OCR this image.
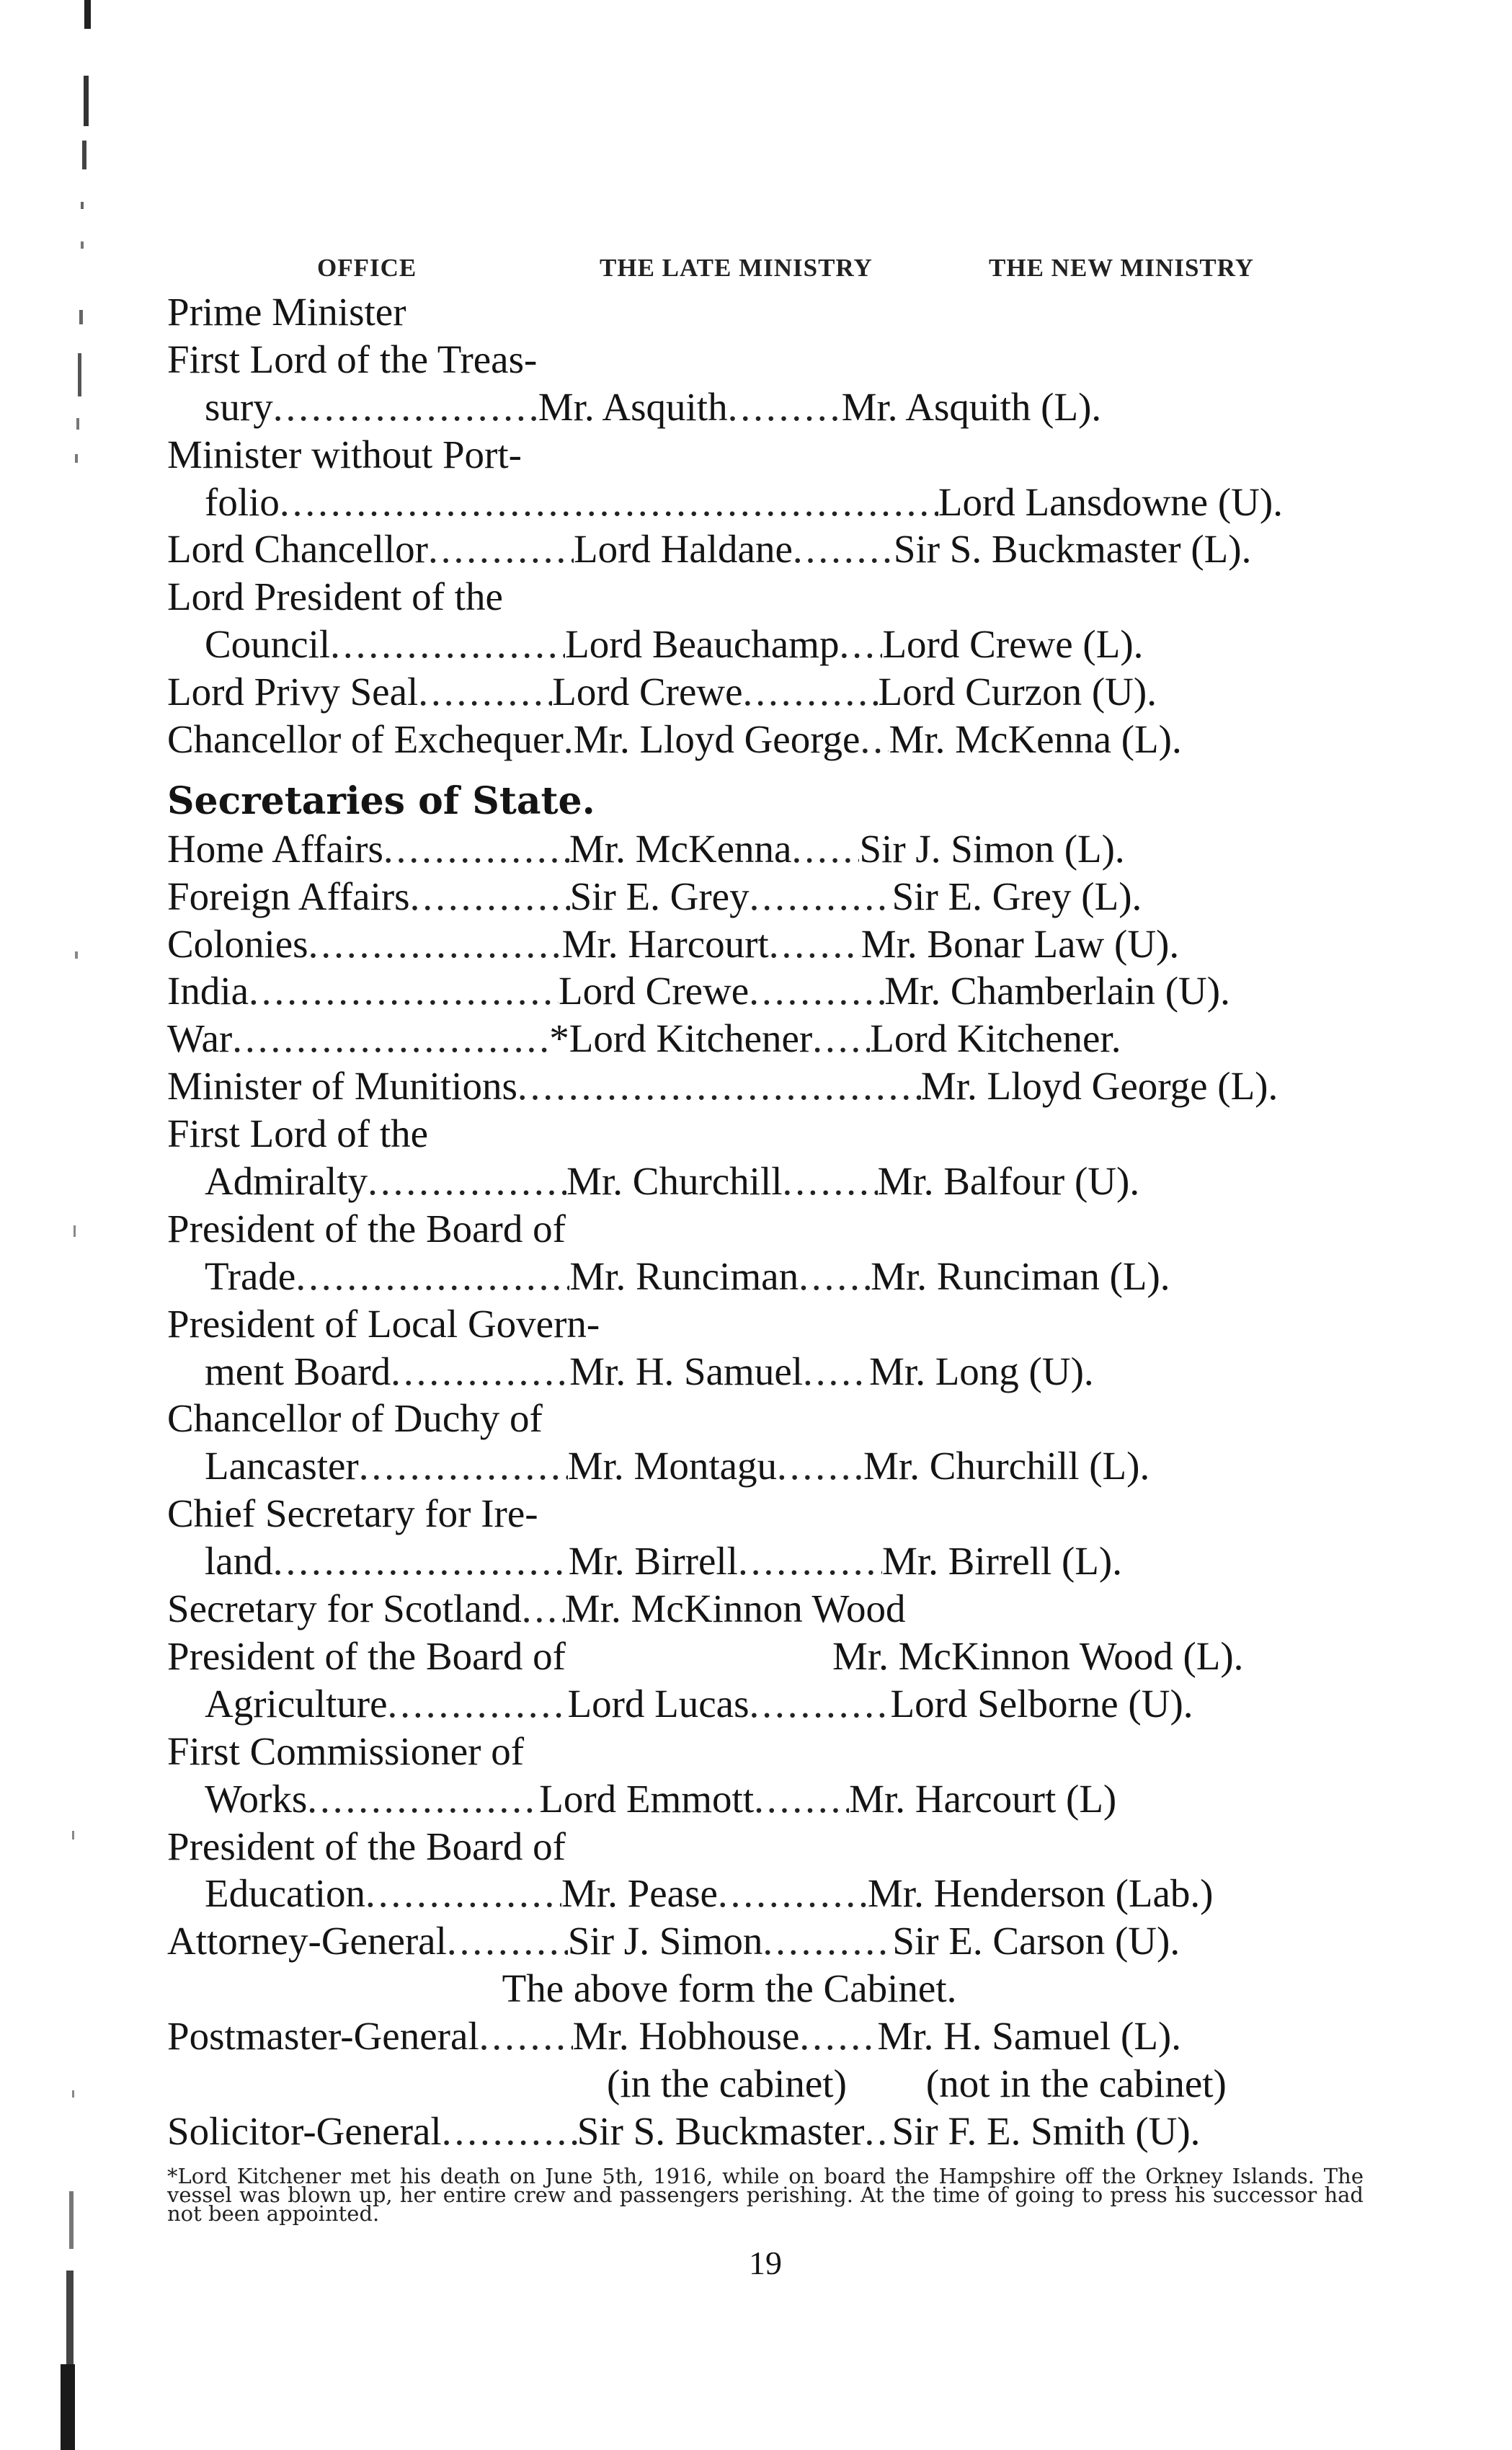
OFFICE	THE LATE MINISTRY	THE NEW MINISTRY
Prime Minister
First Lord of the Treas-
sury .....	Mr. Asquith .....	Mr. Asquith (L).
Minister without Port-
folio .....	Lord Lansdowne (U).
Lord Chancellor .....	Lord Haldane .....	Sir S. Buckmaster (L).
Lord President of the
Council .....	Lord Beauchamp ..... Lord Crewe (L).
Lord Privy Seal .....	Lord Crewe .....	Lord Curzon (U).
Chancellor of Exchequer ..... Mr. Lloyd George ..... Mr. McKenna (L).
Secretaries of State.
Home Affairs .....	Mr. McKenna ..... Sir J. Simon (L).
Foreign Affairs .....	Sir E. Grey .....	Sir E. Grey (L).
Colonies .....	Mr. Harcourt ..... Mr. Bonar Law (U).
India .....	Lord Crewe .....	Mr. Chamberlain (U).
War .....	*Lord Kitchener ..... Lord Kitchener.
Minister of Munitions .....	Mr. Lloyd George (L).
First Lord of the
Admiralty .....	Mr. Churchill ..... Mr. Balfour (U).
President of the Board of
Trade .....	Mr. Runciman ..... Mr. Runciman (L).
President of Local Govern-
ment Board .....	Mr. H. Samuel ..... Mr. Long (U).
Chancellor of Duchy of
Lancaster .....	Mr. Montagu ..... Mr. Churchill (L).
Chief Secretary for Ire-
land .....	Mr. Birrell .....	Mr. Birrell (L).
Secretary for Scotland ..... Mr. McKinnon Wood
President of the Board of	Mr. McKinnon Wood (L).
Agriculture .....	Lord Lucas .....	Lord Selborne (U).
First Commissioner of
Works .....	Lord Emmott ..... Mr. Harcourt (L)
President of the Board of
Education .....	Mr. Pease .....	Mr. Henderson (Lab.)
Attorney-General .....	Sir J. Simon .....	Sir E. Carson (U).
The above form the Cabinet.
Postmaster-General ..... Mr. Hobhouse ..... Mr. H. Samuel (L).
(in the cabinet) (not in the cabinet)
Solicitor-General .....	Sir S. Buckmaster ..... Sir F. E. Smith (U).

*Lord Kitchener met his death on June 5th, 1916, while on board the Hampshire off the Orkney Islands. The vessel was blown up, her entire crew and passengers perishing. At the time of going to press his successor had not been appointed.

19
